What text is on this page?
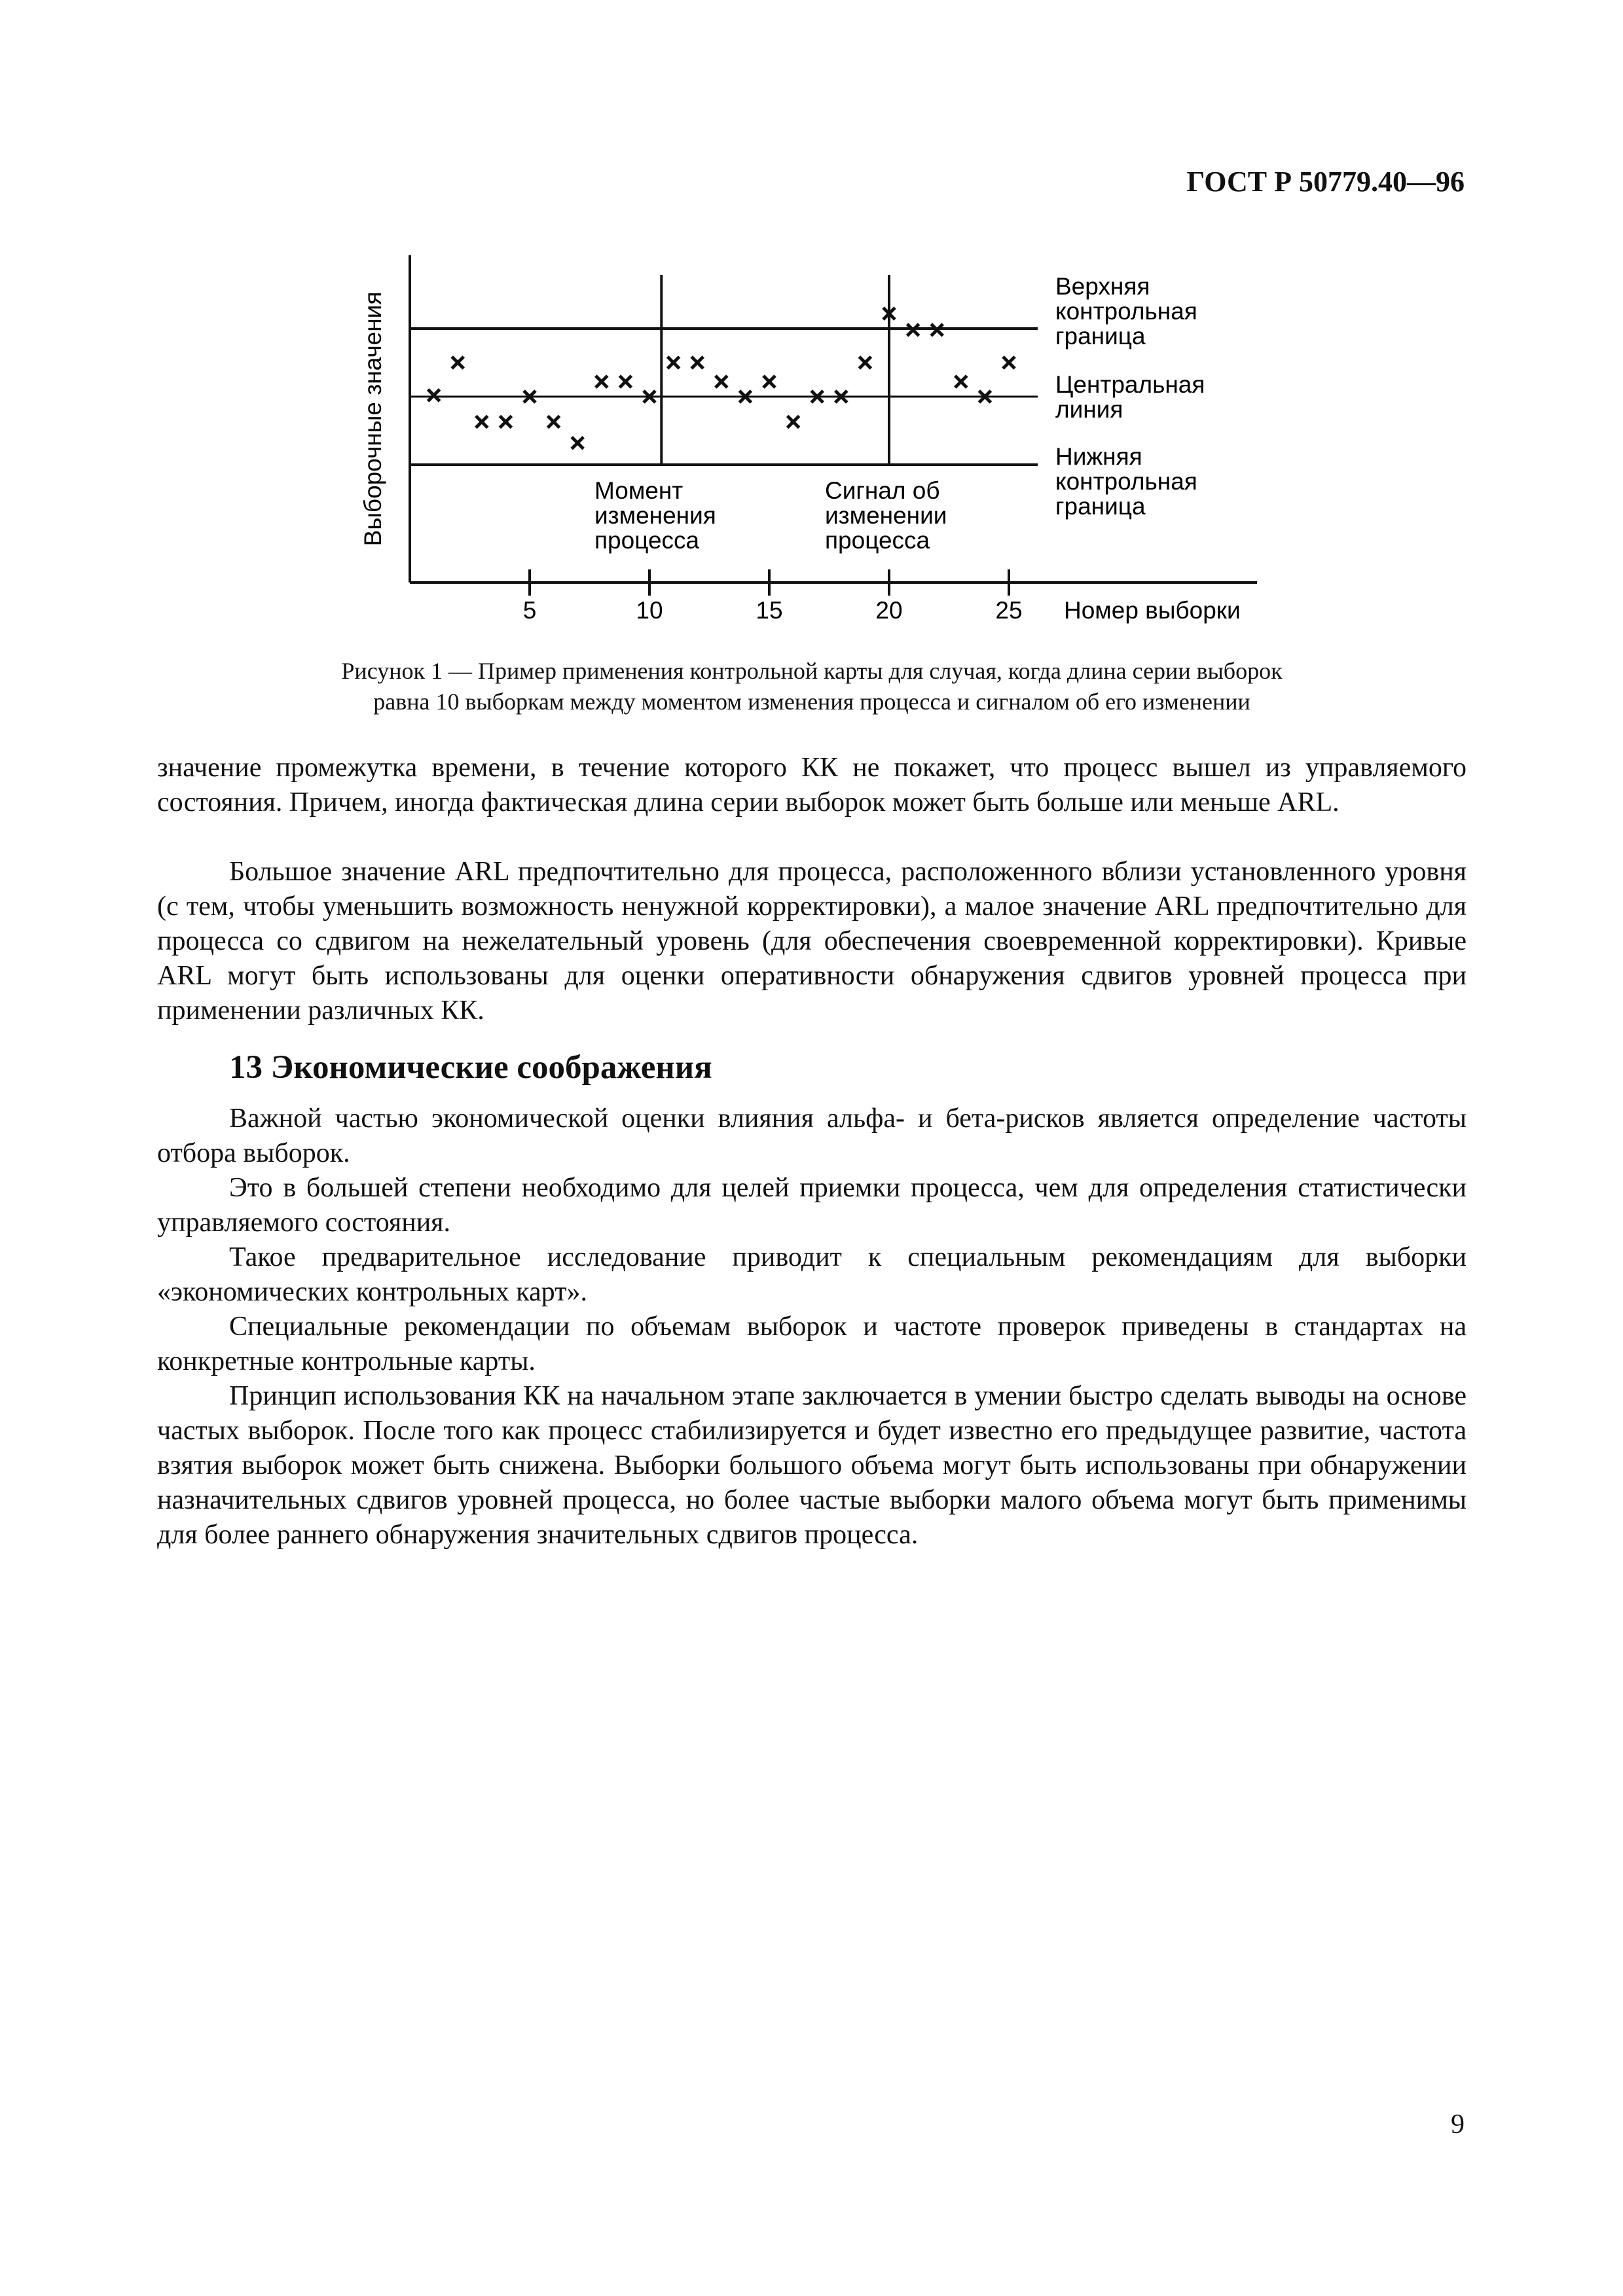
ГОСТ Р 50779.40—96
5	10	15	20	25
Выборочные значения
Верхняя контрольная граница
Центральная линия
Нижняя контрольная граница
Момент изменения процесса
Сигнал об изменении процесса
Номер выборки
Рисунок 1 — Пример применения контрольной карты для случая, когда длина серии выборок
равна 10 выборкам между моментом изменения процесса и сигналом об его изменении

значение промежутка времени, в течение которого КК не покажет, что процесс вышел из управляемого состояния. Причем, иногда фактическая длина серии выборок может быть больше или меньше ARL.

Большое значение ARL предпочтительно для процесса, расположенного вблизи установленного уровня (с тем, чтобы уменьшить возможность ненужной корректировки), а малое значение ARL предпочтительно для процесса со сдвигом на нежелательный уровень (для обеспечения своевременной корректировки). Кривые ARL могут быть использованы для оценки оперативности обнаружения сдвигов уровней процесса при применении различных КК.

13 Экономические соображения

Важной частью экономической оценки влияния альфа- и бета-рисков является определение частоты отбора выборок.

Это в большей степени необходимо для целей приемки процесса, чем для определения статистически управляемого состояния.

Такое предварительное исследование приводит к специальным рекомендациям для выборки «экономических контрольных карт».

Специальные рекомендации по объемам выборок и частоте проверок приведены в стандартах на конкретные контрольные карты.

Принцип использования КК на начальном этапе заключается в умении быстро сделать выводы на основе частых выборок. После того как процесс стабилизируется и будет известно его предыдущее развитие, частота взятия выборок может быть снижена. Выборки большого объема могут быть использованы при обнаружении назначительных сдвигов уровней процесса, но более частые выборки малого объема могут быть применимы для более раннего обнаружения значительных сдвигов процесса.

9
